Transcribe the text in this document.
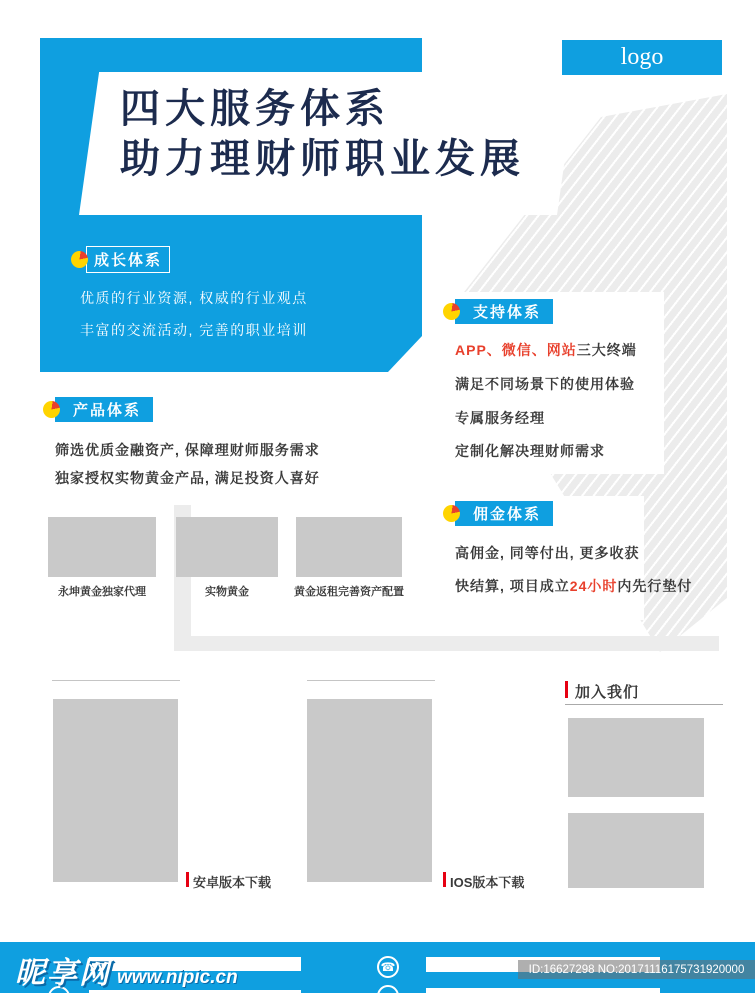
四大服务体系
助力理财师职业发展
logo
成长体系
优质的行业资源, 权威的行业观点
丰富的交流活动, 完善的职业培训
产品体系
筛选优质金融资产, 保障理财师服务需求
独家授权实物黄金产品, 满足投资人喜好
永坤黄金独家代理	实物黄金	黄金返租完善资产配置
支持体系
APP、微信、网站三大终端
满足不同场景下的使用体验
专属服务经理
定制化解决理财师需求
佣金体系
高佣金, 同等付出, 更多收获
快结算, 项目成立24小时内先行垫付
安卓版本下载	IOS版本下载
加入我们
☎	ID:16627298 NO:20171116175731920000
昵享网 www.nipic.cn
